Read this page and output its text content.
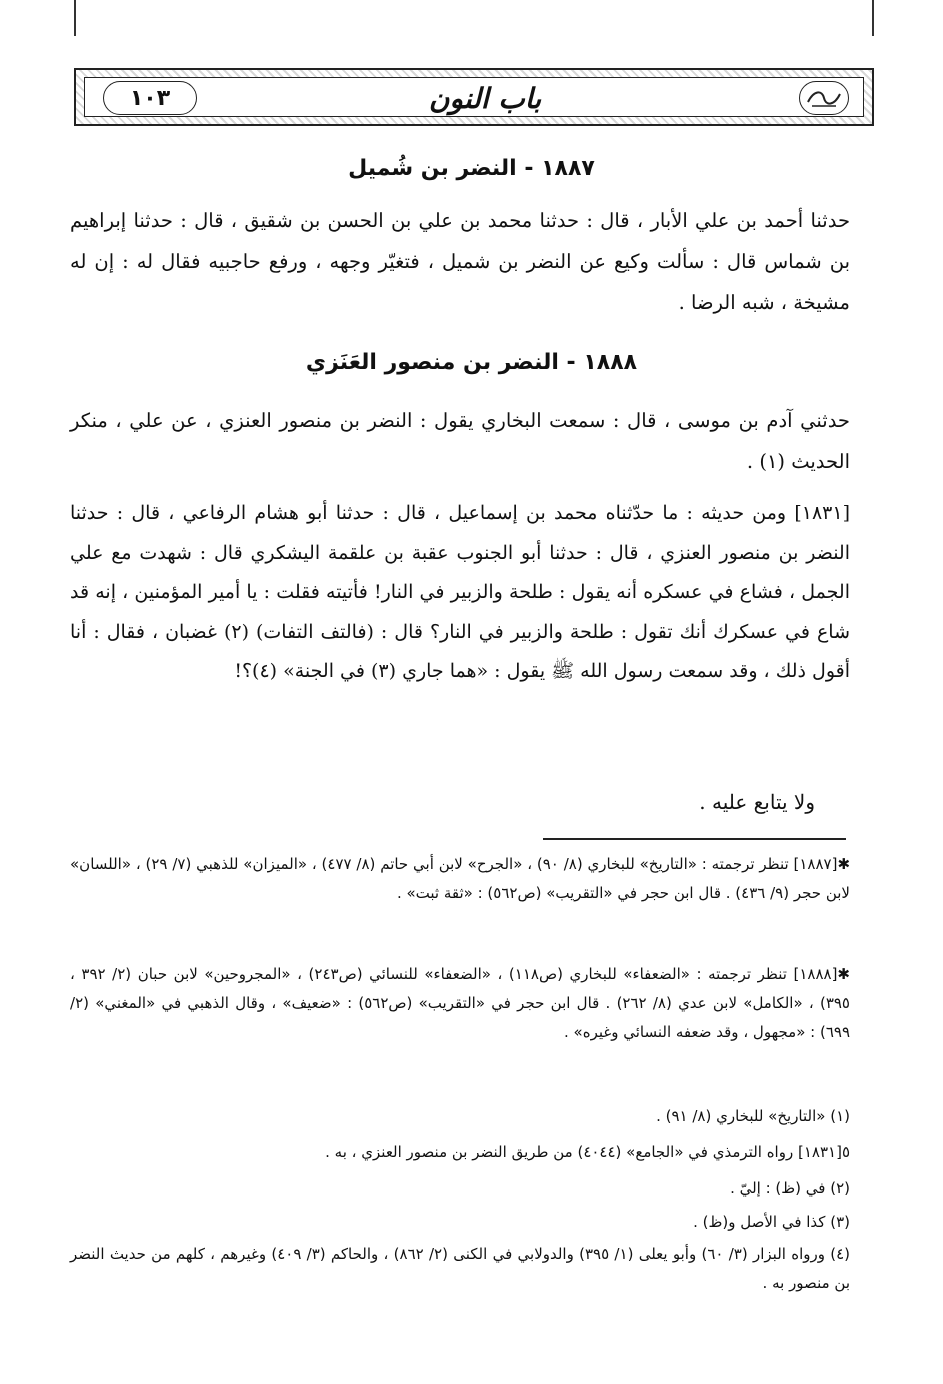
١٠٣	باب النون
١٨٨٧ - النضر بن شُميل
حدثنا أحمد بن علي الأبار ، قال : حدثنا محمد بن علي بن الحسن بن شقيق ، قال : حدثنا إبراهيم بن شماس قال : سألت وكيع عن النضر بن شميل ، فتغيّر وجهه ، ورفع حاجبيه فقال له : إن له مشيخة ، شبه الرضا .
١٨٨٨ - النضر بن منصور العَنَزي
حدثني آدم بن موسى ، قال : سمعت البخاري يقول : النضر بن منصور العنزي ، عن علي ، منكر الحديث (١) .
[١٨٣١] ومن حديثه : ما حدّثناه محمد بن إسماعيل ، قال : حدثنا أبو هشام الرفاعي ، قال : حدثنا النضر بن منصور العنزي ، قال : حدثنا أبو الجنوب عقبة بن علقمة اليشكري قال : شهدت مع علي الجمل ، فشاع في عسكره أنه يقول : طلحة والزبير في النار! فأتيته فقلت : يا أمير المؤمنين ، إنه قد شاع في عسكرك أنك تقول : طلحة والزبير في النار؟ قال : (فالتف التفات) (٢) غضبان ، فقال : أنا أقول ذلك ، وقد سمعت رسول الله ﷺ يقول : «هما جاري (٣) في الجنة» (٤)؟!
ولا يتابع عليه .
✱[١٨٨٧] تنظر ترجمته : «التاريخ» للبخاري (٨/ ٩٠) ، «الجرح» لابن أبي حاتم (٨/ ٤٧٧) ، «الميزان» للذهبي (٧/ ٢٩) ، «اللسان» لابن حجر (٩/ ٤٣٦) . قال ابن حجر في «التقريب» (ص٥٦٢) : «ثقة ثبت» .
✱[١٨٨٨] تنظر ترجمته : «الضعفاء» للبخاري (ص١١٨) ، «الضعفاء» للنسائي (ص٢٤٣) ، «المجروحين» لابن حبان (٢/ ٣٩٢ ، ٣٩٥) ، «الكامل» لابن عدي (٨/ ٢٦٢) . قال ابن حجر في «التقريب» (ص٥٦٢) : «ضعيف» ، وقال الذهبي في «المغني» (٢/ ٦٩٩) : «مجهول ، وقد ضعفه النسائي وغيره» .
(١) «التاريخ» للبخاري (٨/ ٩١) .
٥[١٨٣١] رواه الترمذي في «الجامع» (٤٠٤٤) من طريق النضر بن منصور العنزي ، به .
(٢) في (ظ) : إليّ .
(٣) كذا في الأصل و(ظ) .
(٤) ورواه البزار (٣/ ٦٠) وأبو يعلى (١/ ٣٩٥) والدولابي في الكنى (٢/ ٨٦٢) ، والحاكم (٣/ ٤٠٩) وغيرهم ، كلهم من حديث النضر بن منصور به .
